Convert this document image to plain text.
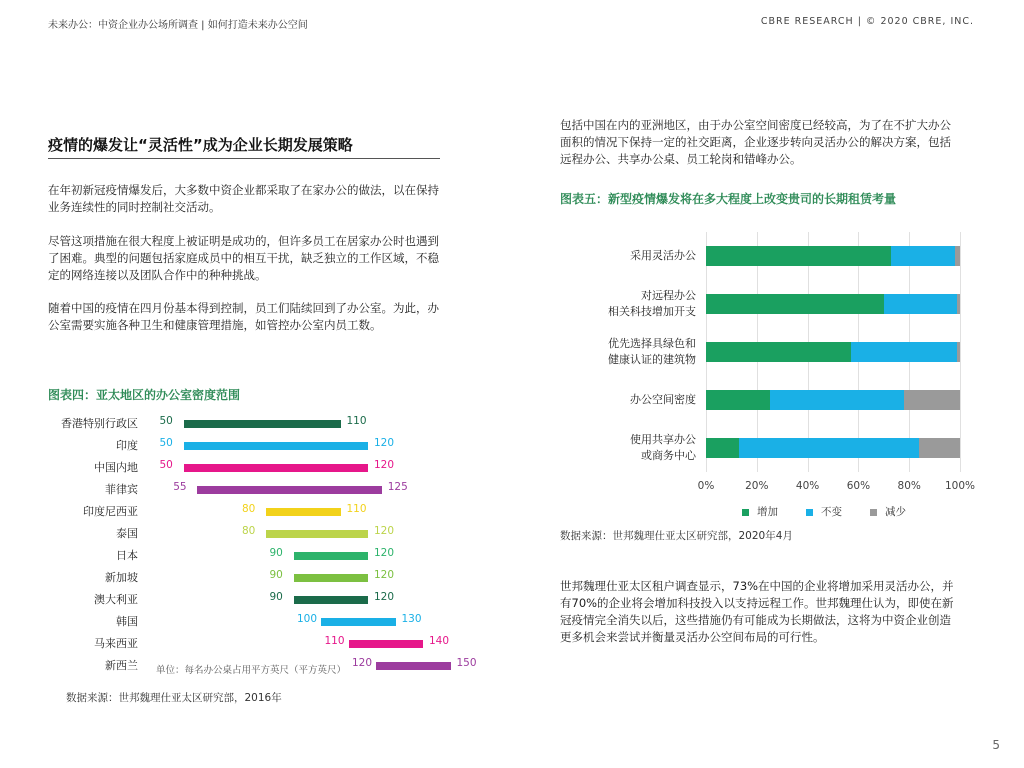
未来办公：中资企业办公场所调查 | 如何打造未来办公空间	CBRE RESEARCH | © 2020 CBRE, INC.
疫情的爆发让“灵活性”成为企业长期发展策略
在年初新冠疫情爆发后，大多数中资企业都采取了在家办公的做法，以在保持业务连续性的同时控制社交活动。
尽管这项措施在很大程度上被证明是成功的，但许多员工在居家办公时也遇到了困难。典型的问题包括家庭成员中的相互干扰，缺乏独立的工作区域，不稳定的网络连接以及团队合作中的种种挑战。
随着中国的疫情在四月份基本得到控制，员工们陆续回到了办公室。为此，办公室需要实施各种卫生和健康管理措施，如管控办公室内员工数。
图表四：亚太地区的办公室密度范围
香港特别行政区
印度
中国内地
菲律宾
印度尼西亚
泰国
日本
新加坡
澳大利亚
韩国
马来西亚
新西兰
50	110
50	120
50	120
55	125
80	110
80	120
90	120
90	120
90	120
100	130
110	140
120	150
单位：每名办公桌占用平方英尺（平方英尺）
数据来源：世邦魏理仕亚太区研究部，2016年
包括中国在内的亚洲地区，由于办公室空间密度已经较高，为了在不扩大办公面积的情况下保持一定的社交距离，企业逐步转向灵活办公的解决方案，包括远程办公、共享办公桌、员工轮岗和错峰办公。
图表五：新型疫情爆发将在多大程度上改变贵司的长期租赁考量
采用灵活办公
对远程办公
相关科技增加开支
优先选择具绿色和
健康认证的建筑物
办公空间密度
使用共享办公
或商务中心
0%	20%	40%	60%	80% 100%
增加	不变	减少
数据来源：世邦魏理仕亚太区研究部，2020年4月
世邦魏理仕亚太区租户调查显示，73%在中国的企业将增加采用灵活办公，并有70%的企业将会增加科技投入以支持远程工作。世邦魏理仕认为，即使在新冠疫情完全消失以后，这些措施仍有可能成为长期做法，这将为中资企业创造更多机会来尝试并衡量灵活办公空间布局的可行性。
5
